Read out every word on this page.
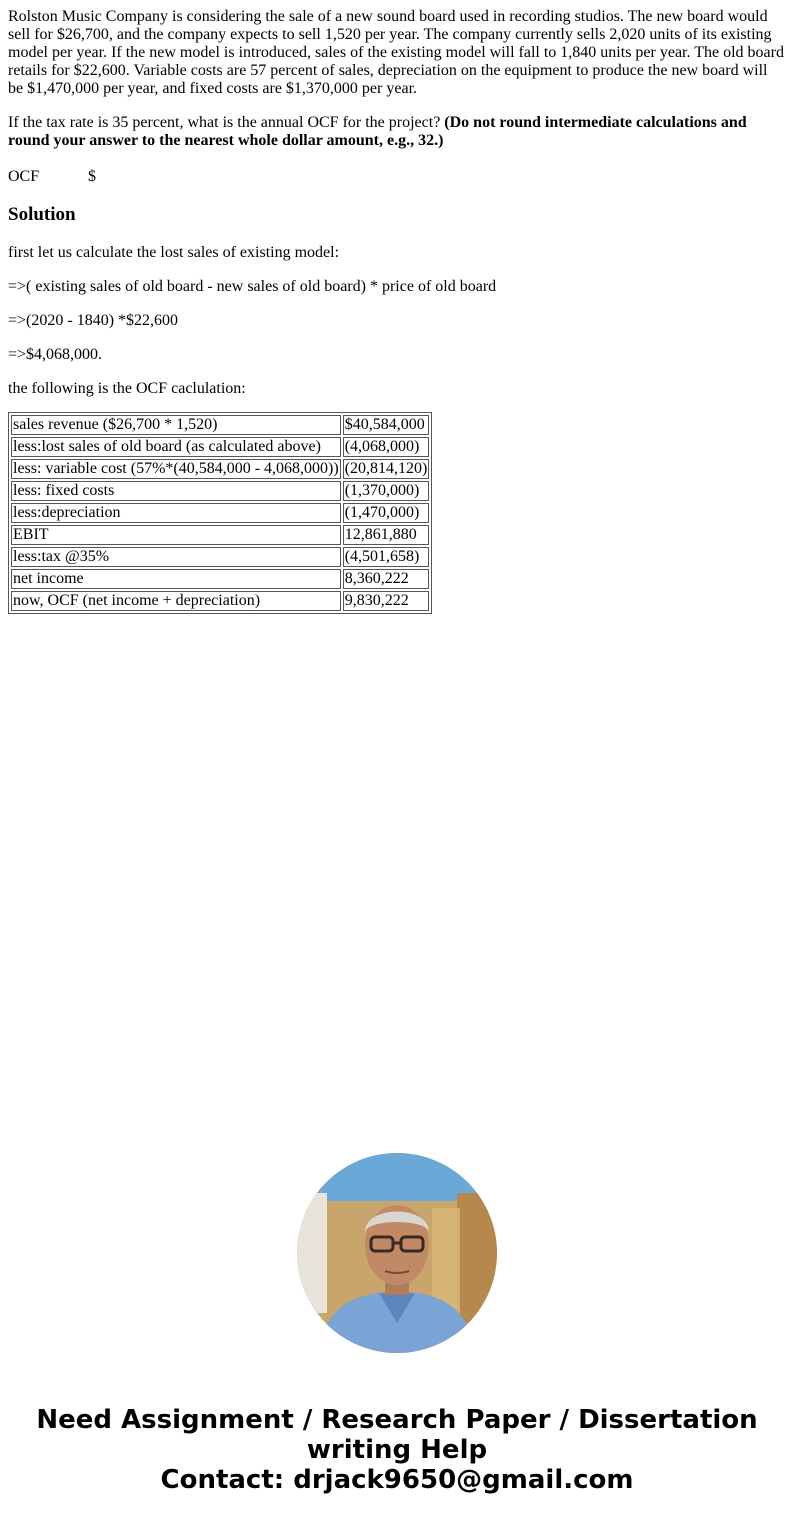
Rolston Music Company is considering the sale of a new sound board used in recording studios. The new board would sell for $26,700, and the company expects to sell 1,520 per year. The company currently sells 2,020 units of its existing model per year. If the new model is introduced, sales of the existing model will fall to 1,840 units per year. The old board retails for $22,600. Variable costs are 57 percent of sales, depreciation on the equipment to produce the new board will be $1,470,000 per year, and fixed costs are $1,370,000 per year.

If the tax rate is 35 percent, what is the annual OCF for the project? (Do not round intermediate calculations and round your answer to the nearest whole dollar amount, e.g., 32.)

OCF	$
Solution

first let us calculate the lost sales of existing model:

=>( existing sales of old board - new sales of old board) * price of old board

=>(2020 - 1840) *$22,600

=>$4,068,000.

the following is the OCF caclulation:

sales revenue ($26,700 * 1,520)	$40,584,000
less:lost sales of old board (as calculated above)	(4,068,000)
less: variable cost (57%*(40,584,000 - 4,068,000))	(20,814,120)
less: fixed costs	(1,370,000)
less:depreciation	(1,470,000)
EBIT	12,861,880
less:tax @35%	(4,501,658)
net income	8,360,222
now, OCF (net income + depreciation)	9,830,222
Need Assignment / Research Paper / Dissertation
writing Help
Contact: drjack9650@gmail.com
